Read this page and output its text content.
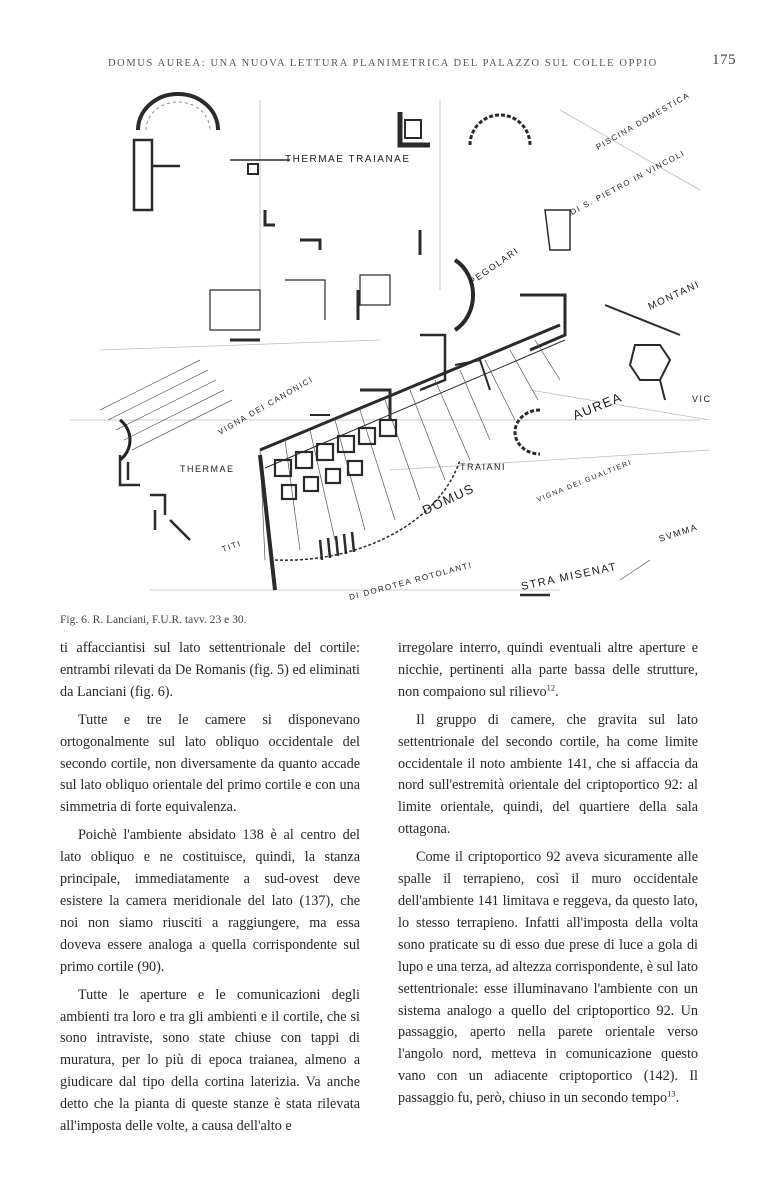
DOMUS AUREA: UNA NUOVA LETTURA PLANIMETRICA DEL PALAZZO SUL COLLE OPPIO	175
THERMAE TRAIANAE
PISCINA DOMESTICA
DI S. PIETRO IN VINCOLI
PEGOLARI
MONTANI
VIGNA DEI CANONICI	AUREA
THERMAE	TRAIANI
DOMUS	VIGNA DEI GUALTIERI
SVMMA
TITI
DI DOROTEA ROTOLANTI	STRA MISENAT
VIC
Fig. 6. R. Lanciani, F.U.R. tavv. 23 e 30.

ti affacciantisi sul lato settentrionale del cortile: entrambi rilevati da De Romanis (fig. 5) ed eliminati da Lanciani (fig. 6).

Tutte e tre le camere si disponevano ortogonalmente sul lato obliquo occidentale del secondo cortile, non diversamente da quanto accade sul lato obliquo orientale del primo cortile e con una simmetria di forte equivalenza.

Poichè l'ambiente absidato 138 è al centro del lato obliquo e ne costituisce, quindi, la stanza principale, immediatamente a sud-ovest deve esistere la camera meridionale del lato (137), che noi non siamo riusciti a raggiungere, ma essa doveva essere analoga a quella corrispondente sul primo cortile (90).

Tutte le aperture e le comunicazioni degli ambienti tra loro e tra gli ambienti e il cortile, che si sono intraviste, sono state chiuse con tappi di muratura, per lo più di epoca traianea, almeno a giudicare dal tipo della cortina laterizia. Va anche detto che la pianta di queste stanze è stata rilevata all'imposta delle volte, a causa dell'alto e

irregolare interro, quindi eventuali altre aperture e nicchie, pertinenti alla parte bassa delle strutture, non compaiono sul rilievo$^{12}$.

Il gruppo di camere, che gravita sul lato settentrionale del secondo cortile, ha come limite occidentale il noto ambiente 141, che si affaccia da nord sull'estremità orientale del criptoportico 92: al limite orientale, quindi, del quartiere della sala ottagona.

Come il criptoportico 92 aveva sicuramente alle spalle il terrapieno, così il muro occidentale dell'ambiente 141 limitava e reggeva, da questo lato, lo stesso terrapieno. Infatti all'imposta della volta sono praticate su di esso due prese di luce a gola di lupo e una terza, ad altezza corrispondente, è sul lato settentrionale: esse illuminavano l'ambiente con un sistema analogo a quello del criptoportico 92. Un passaggio, aperto nella parete orientale verso l'angolo nord, metteva in comunicazione questo vano con un adiacente criptoportico (142). Il passaggio fu, però, chiuso in un secondo tempo$^{13}$.
